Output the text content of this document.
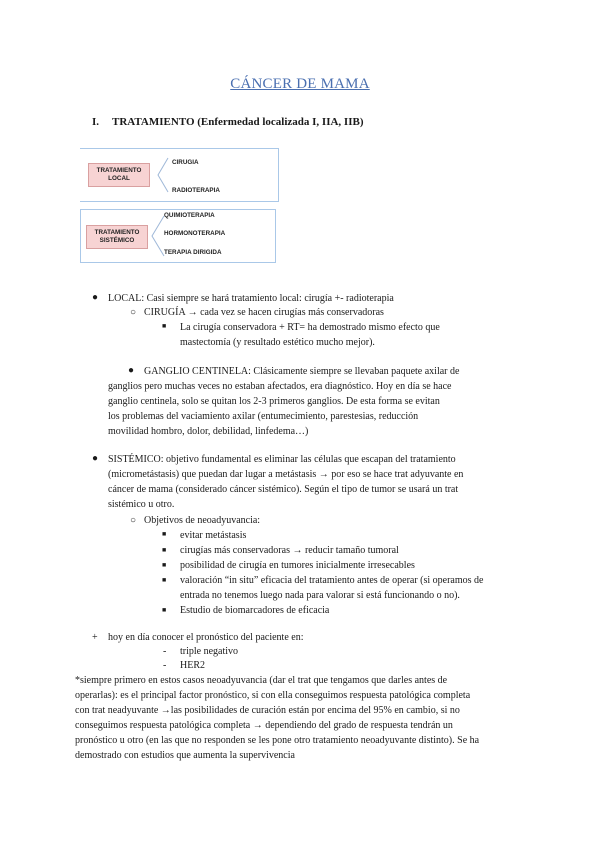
CÁNCER DE MAMA
I. TRATAMIENTO (Enfermedad localizada I, IIA, IIB)
TRATAMIENTO
LOCAL
CIRUGIA
RADIOTERAPIA
TRATAMIENTO
SISTÉMICO
QUIMIOTERAPIA
HORMONOTERAPIA
TERAPIA DIRIGIDA
● LOCAL: Casi siempre se hará tratamiento local: cirugía +- radioterapia
○ CIRUGÍA → cada vez se hacen cirugías más conservadoras
■ La cirugía conservadora + RT= ha demostrado mismo efecto que
mastectomía (y resultado estético mucho mejor).
● GANGLIO CENTINELA: Clásicamente siempre se llevaban paquete axilar de
ganglios pero muchas veces no estaban afectados, era diagnóstico. Hoy en día se hace
ganglio centinela, solo se quitan los 2-3 primeros ganglios. De esta forma se evitan
los problemas del vaciamiento axilar (entumecimiento, parestesias, reducción
movilidad hombro, dolor, debilidad, linfedema…)
● SISTÉMICO: objetivo fundamental es eliminar las células que escapan del tratamiento
(micrometástasis) que puedan dar lugar a metástasis → por eso se hace trat adyuvante en
cáncer de mama (considerado cáncer sistémico). Según el tipo de tumor se usará un trat
sistémico u otro.
○ Objetivos de neoadyuvancia:
■ evitar metástasis
■ cirugías más conservadoras → reducir tamaño tumoral
■ posibilidad de cirugía en tumores inicialmente irresecables
■ valoración “in situ” eficacia del tratamiento antes de operar (si operamos de
entrada no tenemos luego nada para valorar si está funcionando o no).
■ Estudio de biomarcadores de eficacia
+ hoy en día conocer el pronóstico del paciente en:
- triple negativo
- HER2
*siempre primero en estos casos neoadyuvancia (dar el trat que tengamos que darles antes de
operarlas): es el principal factor pronóstico, si con ella conseguimos respuesta patológica completa
con trat neadyuvante →las posibilidades de curación están por encima del 95% en cambio, si no
conseguimos respuesta patológica completa → dependiendo del grado de respuesta tendrán un
pronóstico u otro (en las que no responden se les pone otro tratamiento neoadyuvante distinto). Se ha
demostrado con estudios que aumenta la supervivencia
